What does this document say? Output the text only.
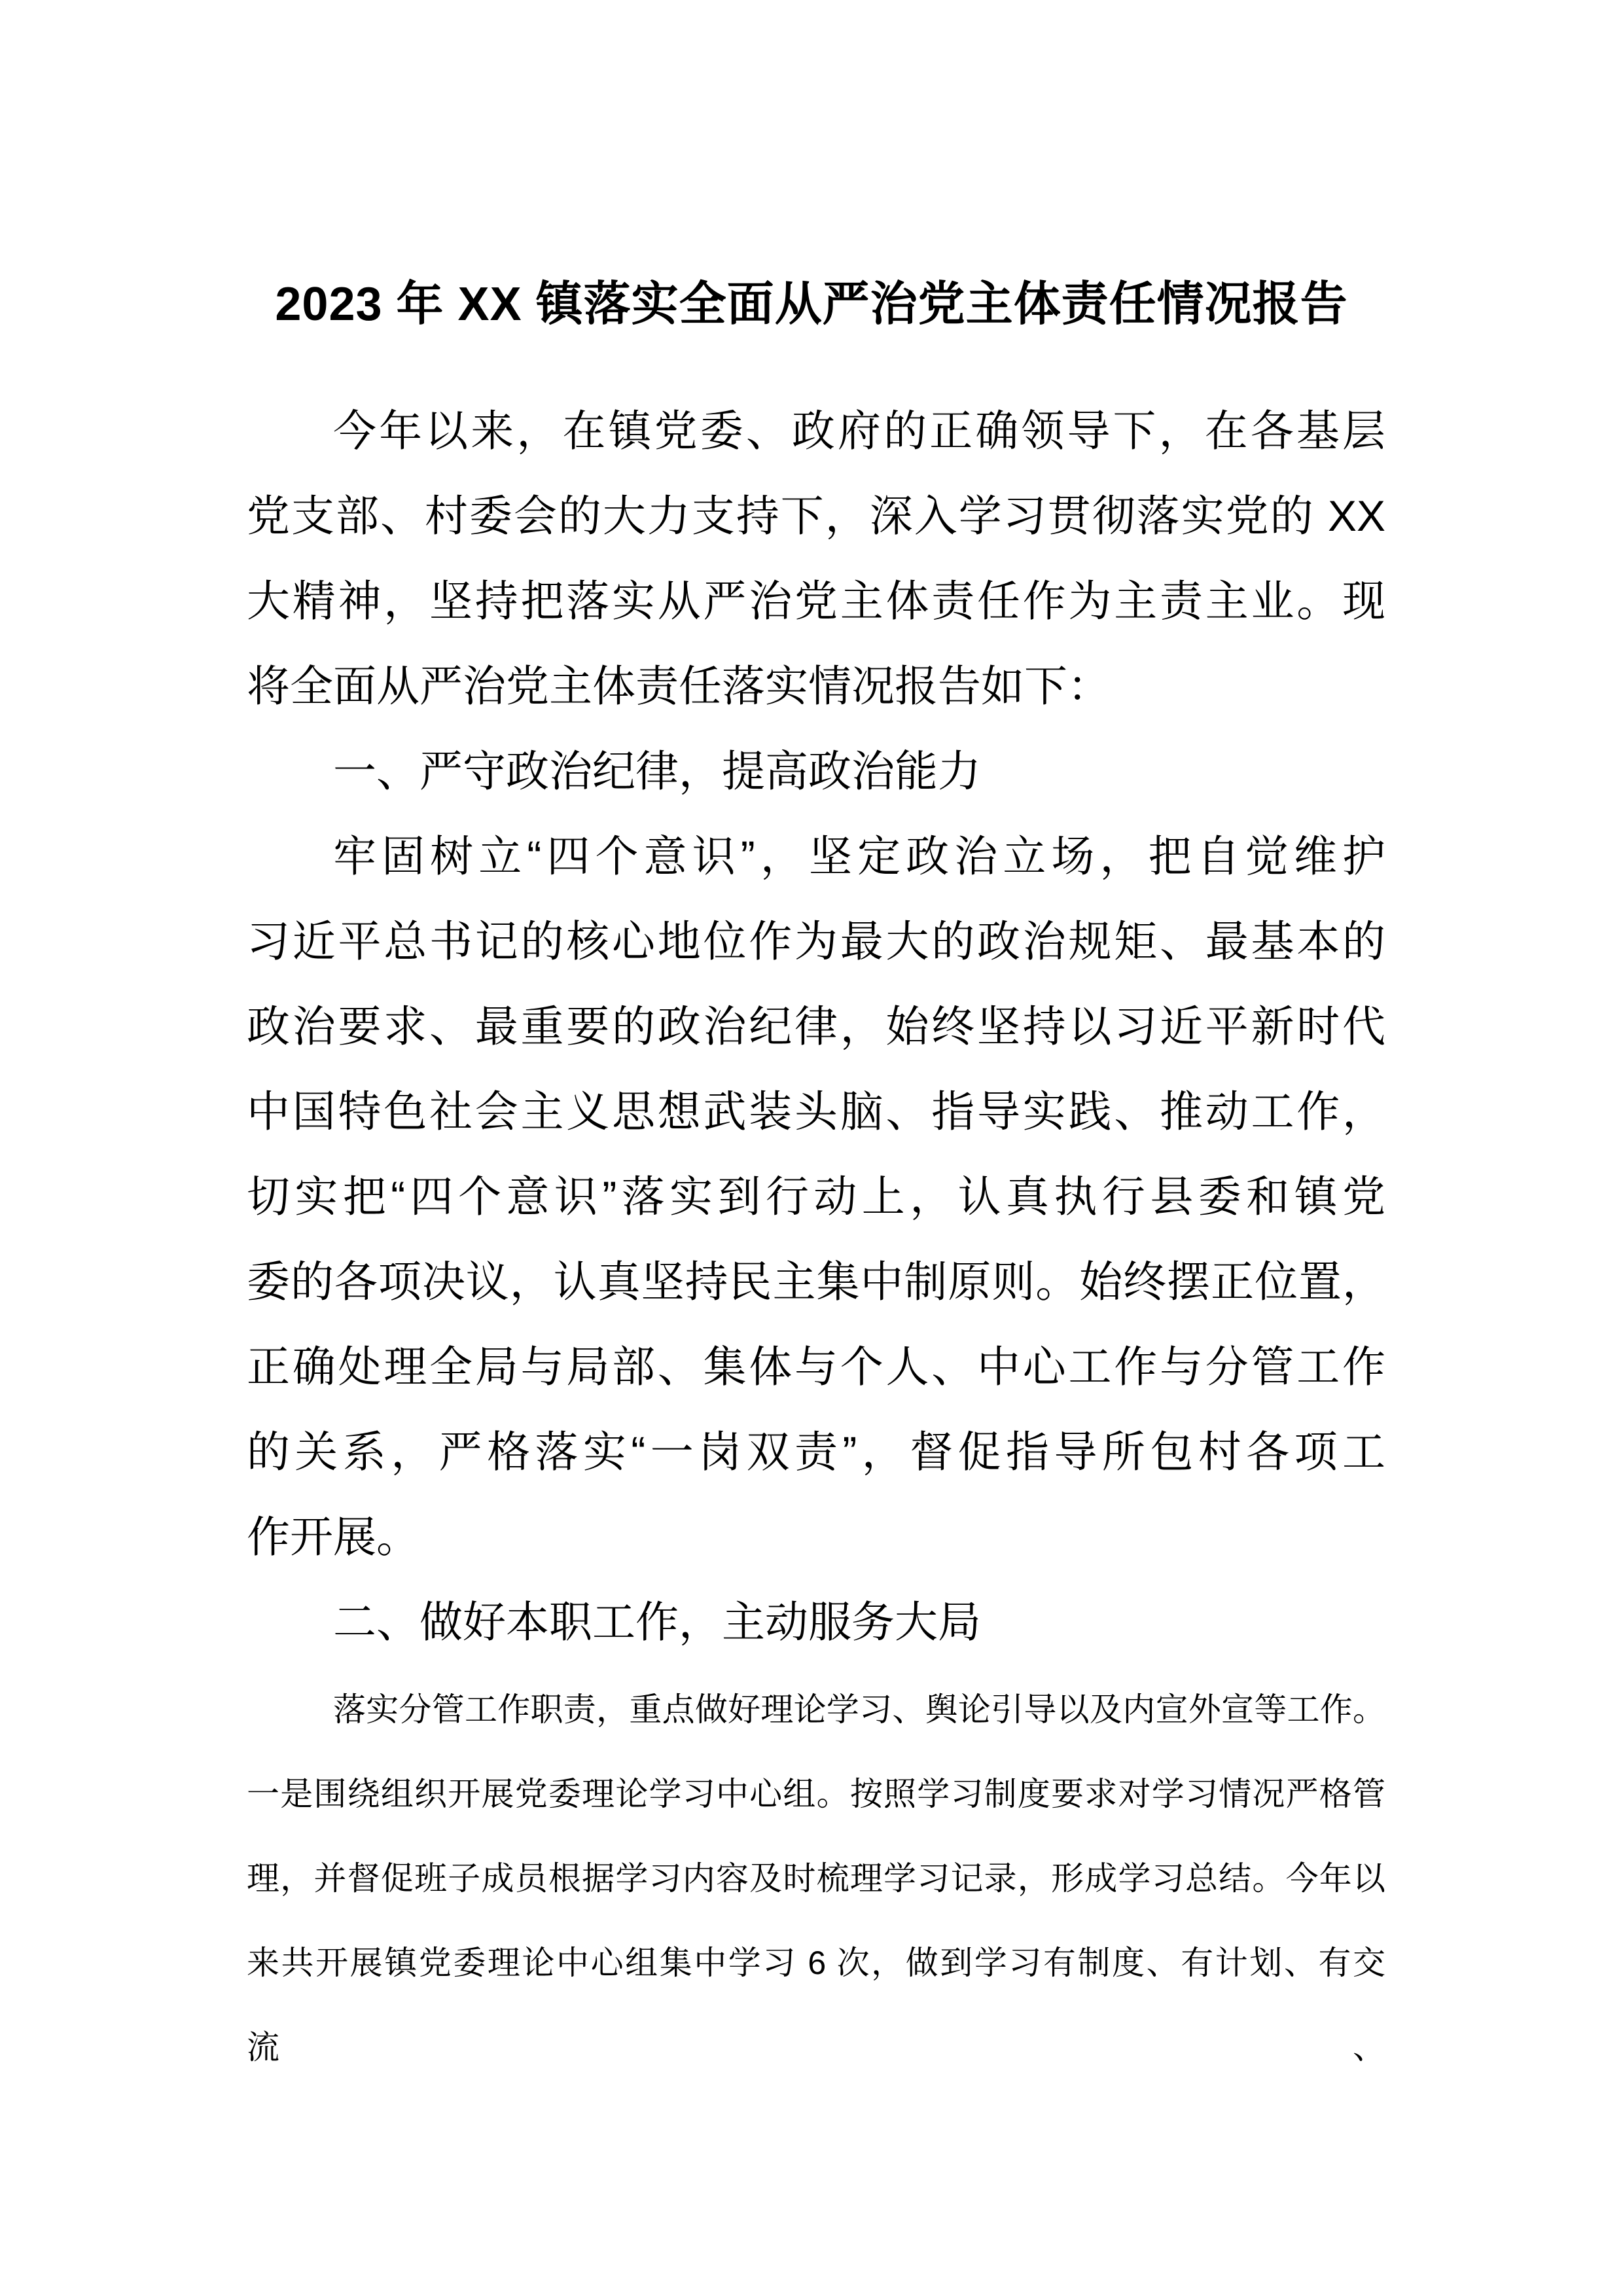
2023 年 XX 镇落实全面从严治党主体责任情况报告
今年以来，在镇党委、政府的正确领导下，在各基层
党支部、村委会的大力支持下，深入学习贯彻落实党的 XX
大精神，坚持把落实从严治党主体责任作为主责主业。现
将全面从严治党主体责任落实情况报告如下：
一、严守政治纪律，提高政治能力
牢固树立“四个意识”，坚定政治立场，把自觉维护
习近平总书记的核心地位作为最大的政治规矩、最基本的
政治要求、最重要的政治纪律，始终坚持以习近平新时代
中国特色社会主义思想武装头脑、指导实践、推动工作，
切实把“四个意识”落实到行动上，认真执行县委和镇党
委的各项决议，认真坚持民主集中制原则。始终摆正位置，
正确处理全局与局部、集体与个人、中心工作与分管工作
的关系，严格落实“一岗双责”，督促指导所包村各项工
作开展。
二、做好本职工作，主动服务大局
落实分管工作职责，重点做好理论学习、舆论引导以及内宣外宣等工作。
一是围绕组织开展党委理论学习中心组。按照学习制度要求对学习情况严格管
理，并督促班子成员根据学习内容及时梳理学习记录，形成学习总结。今年以
来共开展镇党委理论中心组集中学习 6 次，做到学习有制度、有计划、有交流、
